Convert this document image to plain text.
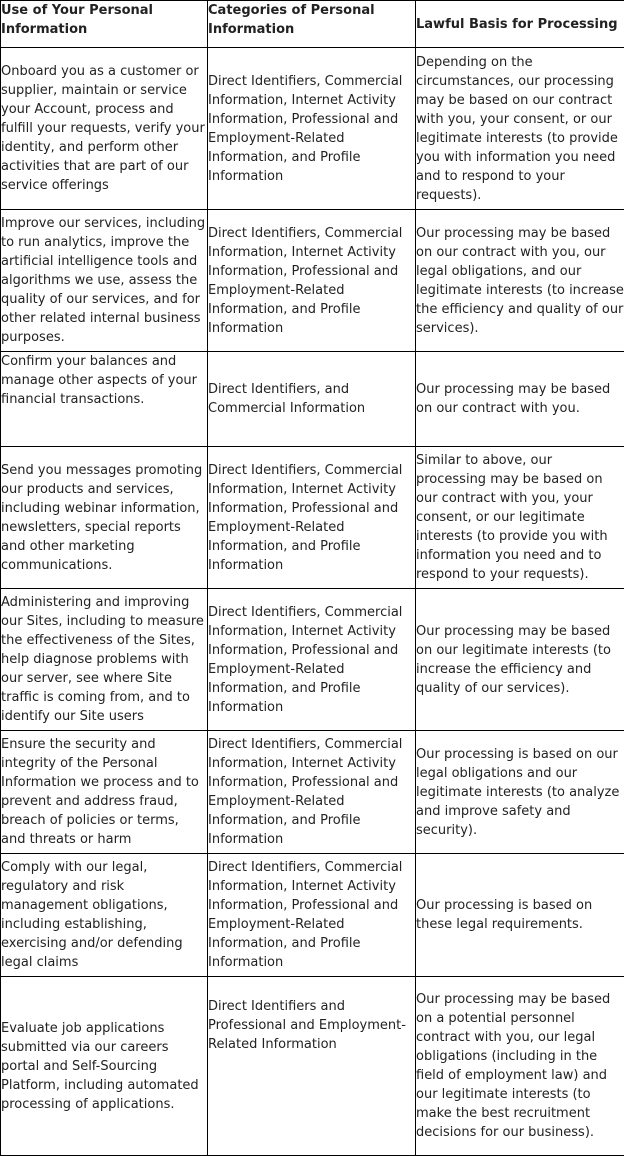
Use of Your Personal Information	Categories of Personal Information	Lawful Basis for Processing
Onboard you as a customer or supplier, maintain or service your Account, process and fulfill your requests, verify your identity, and perform other activities that are part of our service offerings	Direct Identifiers, Commercial Information, Internet Activity Information, Professional and Employment-Related Information, and Profile Information	Depending on the circumstances, our processing may be based on our contract with you, your consent, or our legitimate interests (to provide you with information you need and to respond to your requests).
Improve our services, including to run analytics, improve the artificial intelligence tools and algorithms we use, assess the quality of our services, and for other related internal business purposes.	Direct Identifiers, Commercial Information, Internet Activity Information, Professional and Employment-Related Information, and Profile Information	Our processing may be based on our contract with you, our legal obligations, and our legitimate interests (to increase the efficiency and quality of our services).
Confirm your balances and manage other aspects of your financial transactions.	Direct Identifiers, and Commercial Information	Our processing may be based on our contract with you.
Send you messages promoting our products and services, including webinar information, newsletters, special reports and other marketing communications.	Direct Identifiers, Commercial Information, Internet Activity Information, Professional and Employment-Related Information, and Profile Information	Similar to above, our processing may be based on our contract with you, your consent, or our legitimate interests (to provide you with information you need and to respond to your requests).
Administering and improving our Sites, including to measure the effectiveness of the Sites, help diagnose problems with our server, see where Site traffic is coming from, and to identify our Site users	Direct Identifiers, Commercial Information, Internet Activity Information, Professional and Employment-Related Information, and Profile Information	Our processing may be based on our legitimate interests (to increase the efficiency and quality of our services).
Ensure the security and integrity of the Personal Information we process and to prevent and address fraud, breach of policies or terms, and threats or harm	Direct Identifiers, Commercial Information, Internet Activity Information, Professional and Employment-Related Information, and Profile Information	Our processing is based on our legal obligations and our legitimate interests (to analyze and improve safety and security).
Comply with our legal, regulatory and risk management obligations, including establishing, exercising and/or defending legal claims	Direct Identifiers, Commercial Information, Internet Activity Information, Professional and Employment-Related Information, and Profile Information	Our processing is based on these legal requirements.
Evaluate job applications submitted via our careers portal and Self-Sourcing Platform, including automated processing of applications.	Direct Identifiers and Professional and Employment-Related Information	Our processing may be based on a potential personnel contract with you, our legal obligations (including in the field of employment law) and our legitimate interests (to make the best recruitment decisions for our business).
